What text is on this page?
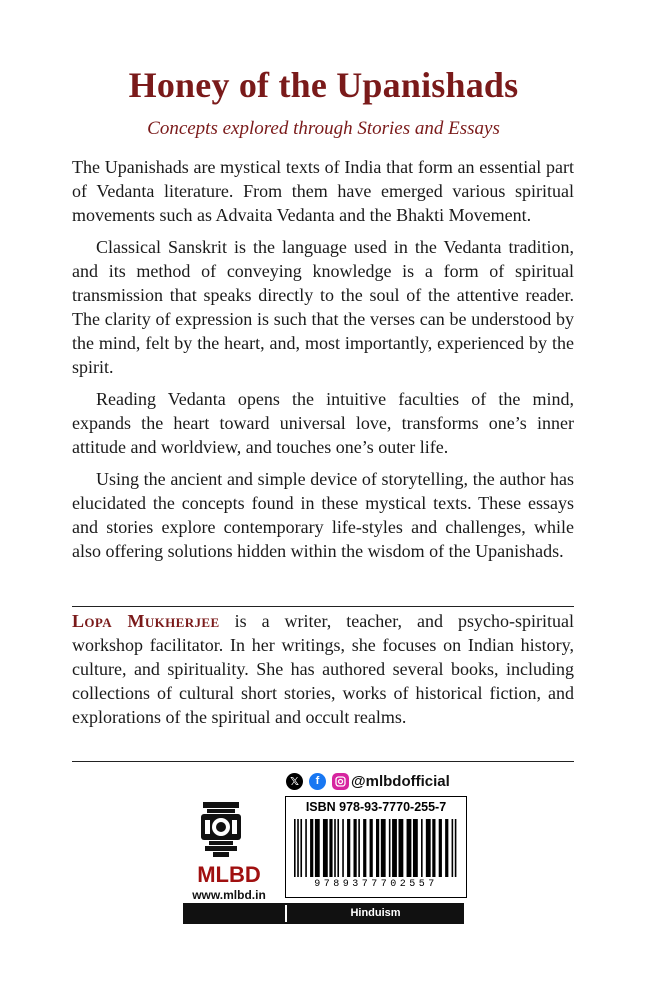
Honey of the Upanishads
Concepts explored through Stories and Essays

The Upanishads are mystical texts of India that form an essential part of Vedanta literature. From them have emerged various spiritual movements such as Advaita Vedanta and the Bhakti Movement.

Classical Sanskrit is the language used in the Vedanta tradition, and its method of conveying knowledge is a form of spiritual transmission that speaks directly to the soul of the attentive reader. The clarity of expression is such that the verses can be understood by the mind, felt by the heart, and, most importantly, experienced by the spirit.

Reading Vedanta opens the intuitive faculties of the mind, expands the heart toward universal love, transforms one’s inner attitude and worldview, and touches one’s outer life.

Using the ancient and simple device of storytelling, the author has elucidated the concepts found in these mystical texts. These essays and stories explore contemporary life-styles and challenges, while also offering solutions hidden within the wisdom of the Upanishads.

Lopa Mukherjee is a writer, teacher, and psycho-spiritual workshop facilitator. In her writings, she focuses on Indian history, culture, and spirituality. She has authored several books, including collections of cultural short stories, works of historical fiction, and explorations of the spiritual and occult realms.

𝕏	f	@mlbdofficial
MLBD
www.mlbd.in
ISBN 978-93-7770-255-7
9789377702557
Hinduism
